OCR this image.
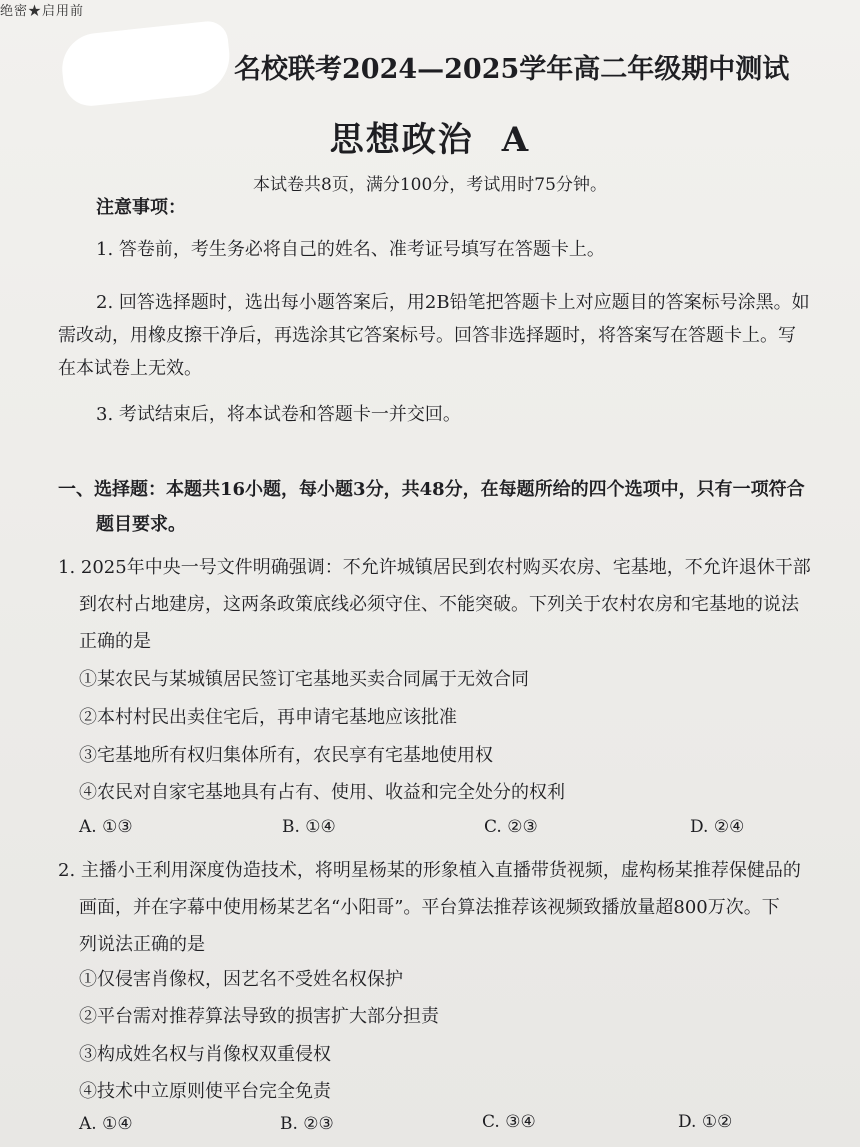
绝密★启用前
名校联考2024—2025学年高二年级期中测试
思想政治 A
本试卷共8页，满分100分，考试用时75分钟。
注意事项：
1. 答卷前，考生务必将自己的姓名、准考证号填写在答题卡上。
2. 回答选择题时，选出每小题答案后，用2B铅笔把答题卡上对应题目的答案标号涂黑。如
需改动，用橡皮擦干净后，再选涂其它答案标号。回答非选择题时，将答案写在答题卡上。写
在本试卷上无效。
3. 考试结束后，将本试卷和答题卡一并交回。
一、选择题：本题共16小题，每小题3分，共48分，在每题所给的四个选项中，只有一项符合
题目要求。
1. 2025年中央一号文件明确强调：不允许城镇居民到农村购买农房、宅基地，不允许退休干部
到农村占地建房，这两条政策底线必须守住、不能突破。下列关于农村农房和宅基地的说法
正确的是
①某农民与某城镇居民签订宅基地买卖合同属于无效合同
②本村村民出卖住宅后，再申请宅基地应该批准
③宅基地所有权归集体所有，农民享有宅基地使用权
④农民对自家宅基地具有占有、使用、收益和完全处分的权利
A. ①③	B. ①④	C. ②③	D. ②④
2. 主播小王利用深度伪造技术，将明星杨某的形象植入直播带货视频，虚构杨某推荐保健品的
画面，并在字幕中使用杨某艺名“小阳哥”。平台算法推荐该视频致播放量超800万次。下
列说法正确的是
①仅侵害肖像权，因艺名不受姓名权保护
②平台需对推荐算法导致的损害扩大部分担责
③构成姓名权与肖像权双重侵权
④技术中立原则使平台完全免责
A. ①④	B. ②③	C. ③④	D. ①②
